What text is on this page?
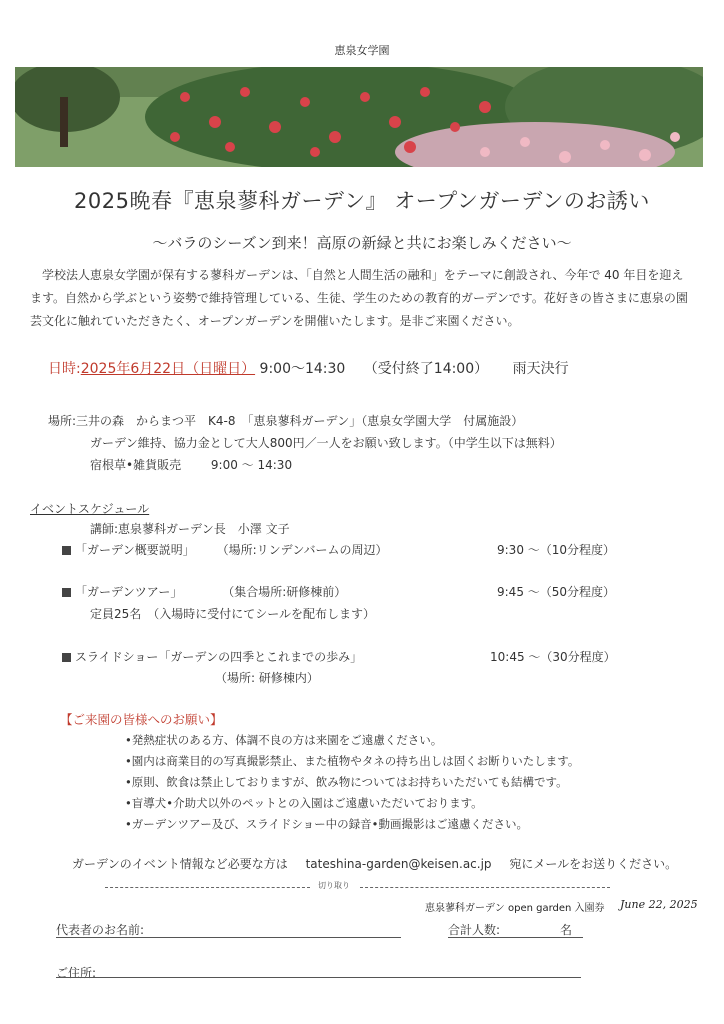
恵泉女学園
2025晩春『恵泉蓼科ガーデン』 オープンガーデンのお誘い
〜バラのシーズン到来！高原の新緑と共にお楽しみください〜
学校法人恵泉女学園が保有する蓼科ガーデンは、「自然と人間生活の融和」をテーマに創設され、今年で 40 年目を迎えます。自然から学ぶという姿勢で維持管理している、生徒、学生のための教育的ガーデンです。花好きの皆さまに恵泉の園芸文化に触れていただきたく、オープンガーデンを開催いたします。是非ご来園ください。
日時:2025年6月22日（日曜日） 9:00〜14:30 （受付終了14:00） 雨天決行
場所:三井の森　からまつ平　K4-8　「恵泉蓼科ガーデン」（恵泉女学園大学　付属施設）
ガーデン維持、協力金として大人800円／一人をお願い致します。（中学生以下は無料）
宿根草•雑貨販売 9:00 〜 14:30
イベントスケジュール
講師:恵泉蓼科ガーデン長　小澤 文子
「ガーデン概要説明」 （場所:リンデンバームの周辺）	9:30 〜（10分程度）
「ガーデンツアー」	（集合場所:研修棟前）	9:45 〜（50分程度）
定員25名　（入場時に受付にてシールを配布します）
スライドショー「ガーデンの四季とこれまでの歩み」	10:45 〜（30分程度）
（場所: 研修棟内）
【ご来園の皆様へのお願い】
•発熱症状のある方、体調不良の方は来園をご遠慮ください。
•園内は商業目的の写真撮影禁止、また植物やタネの持ち出しは固くお断りいたします。
•原則、飲食は禁止しておりますが、飲み物についてはお持ちいただいても結構です。
•盲導犬•介助犬以外のペットとの入園はご遠慮いただいております。
•ガーデンツアー及び、スライドショー中の録音•動画撮影はご遠慮ください。
ガーデンのイベント情報など必要な方は tateshina-garden@keisen.ac.jp 宛にメールをお送りください。
切り取り
恵泉蓼科ガーデン open garden 入園券 June 22, 2025
代表者のお名前:	合計人数:	名
ご住所:
